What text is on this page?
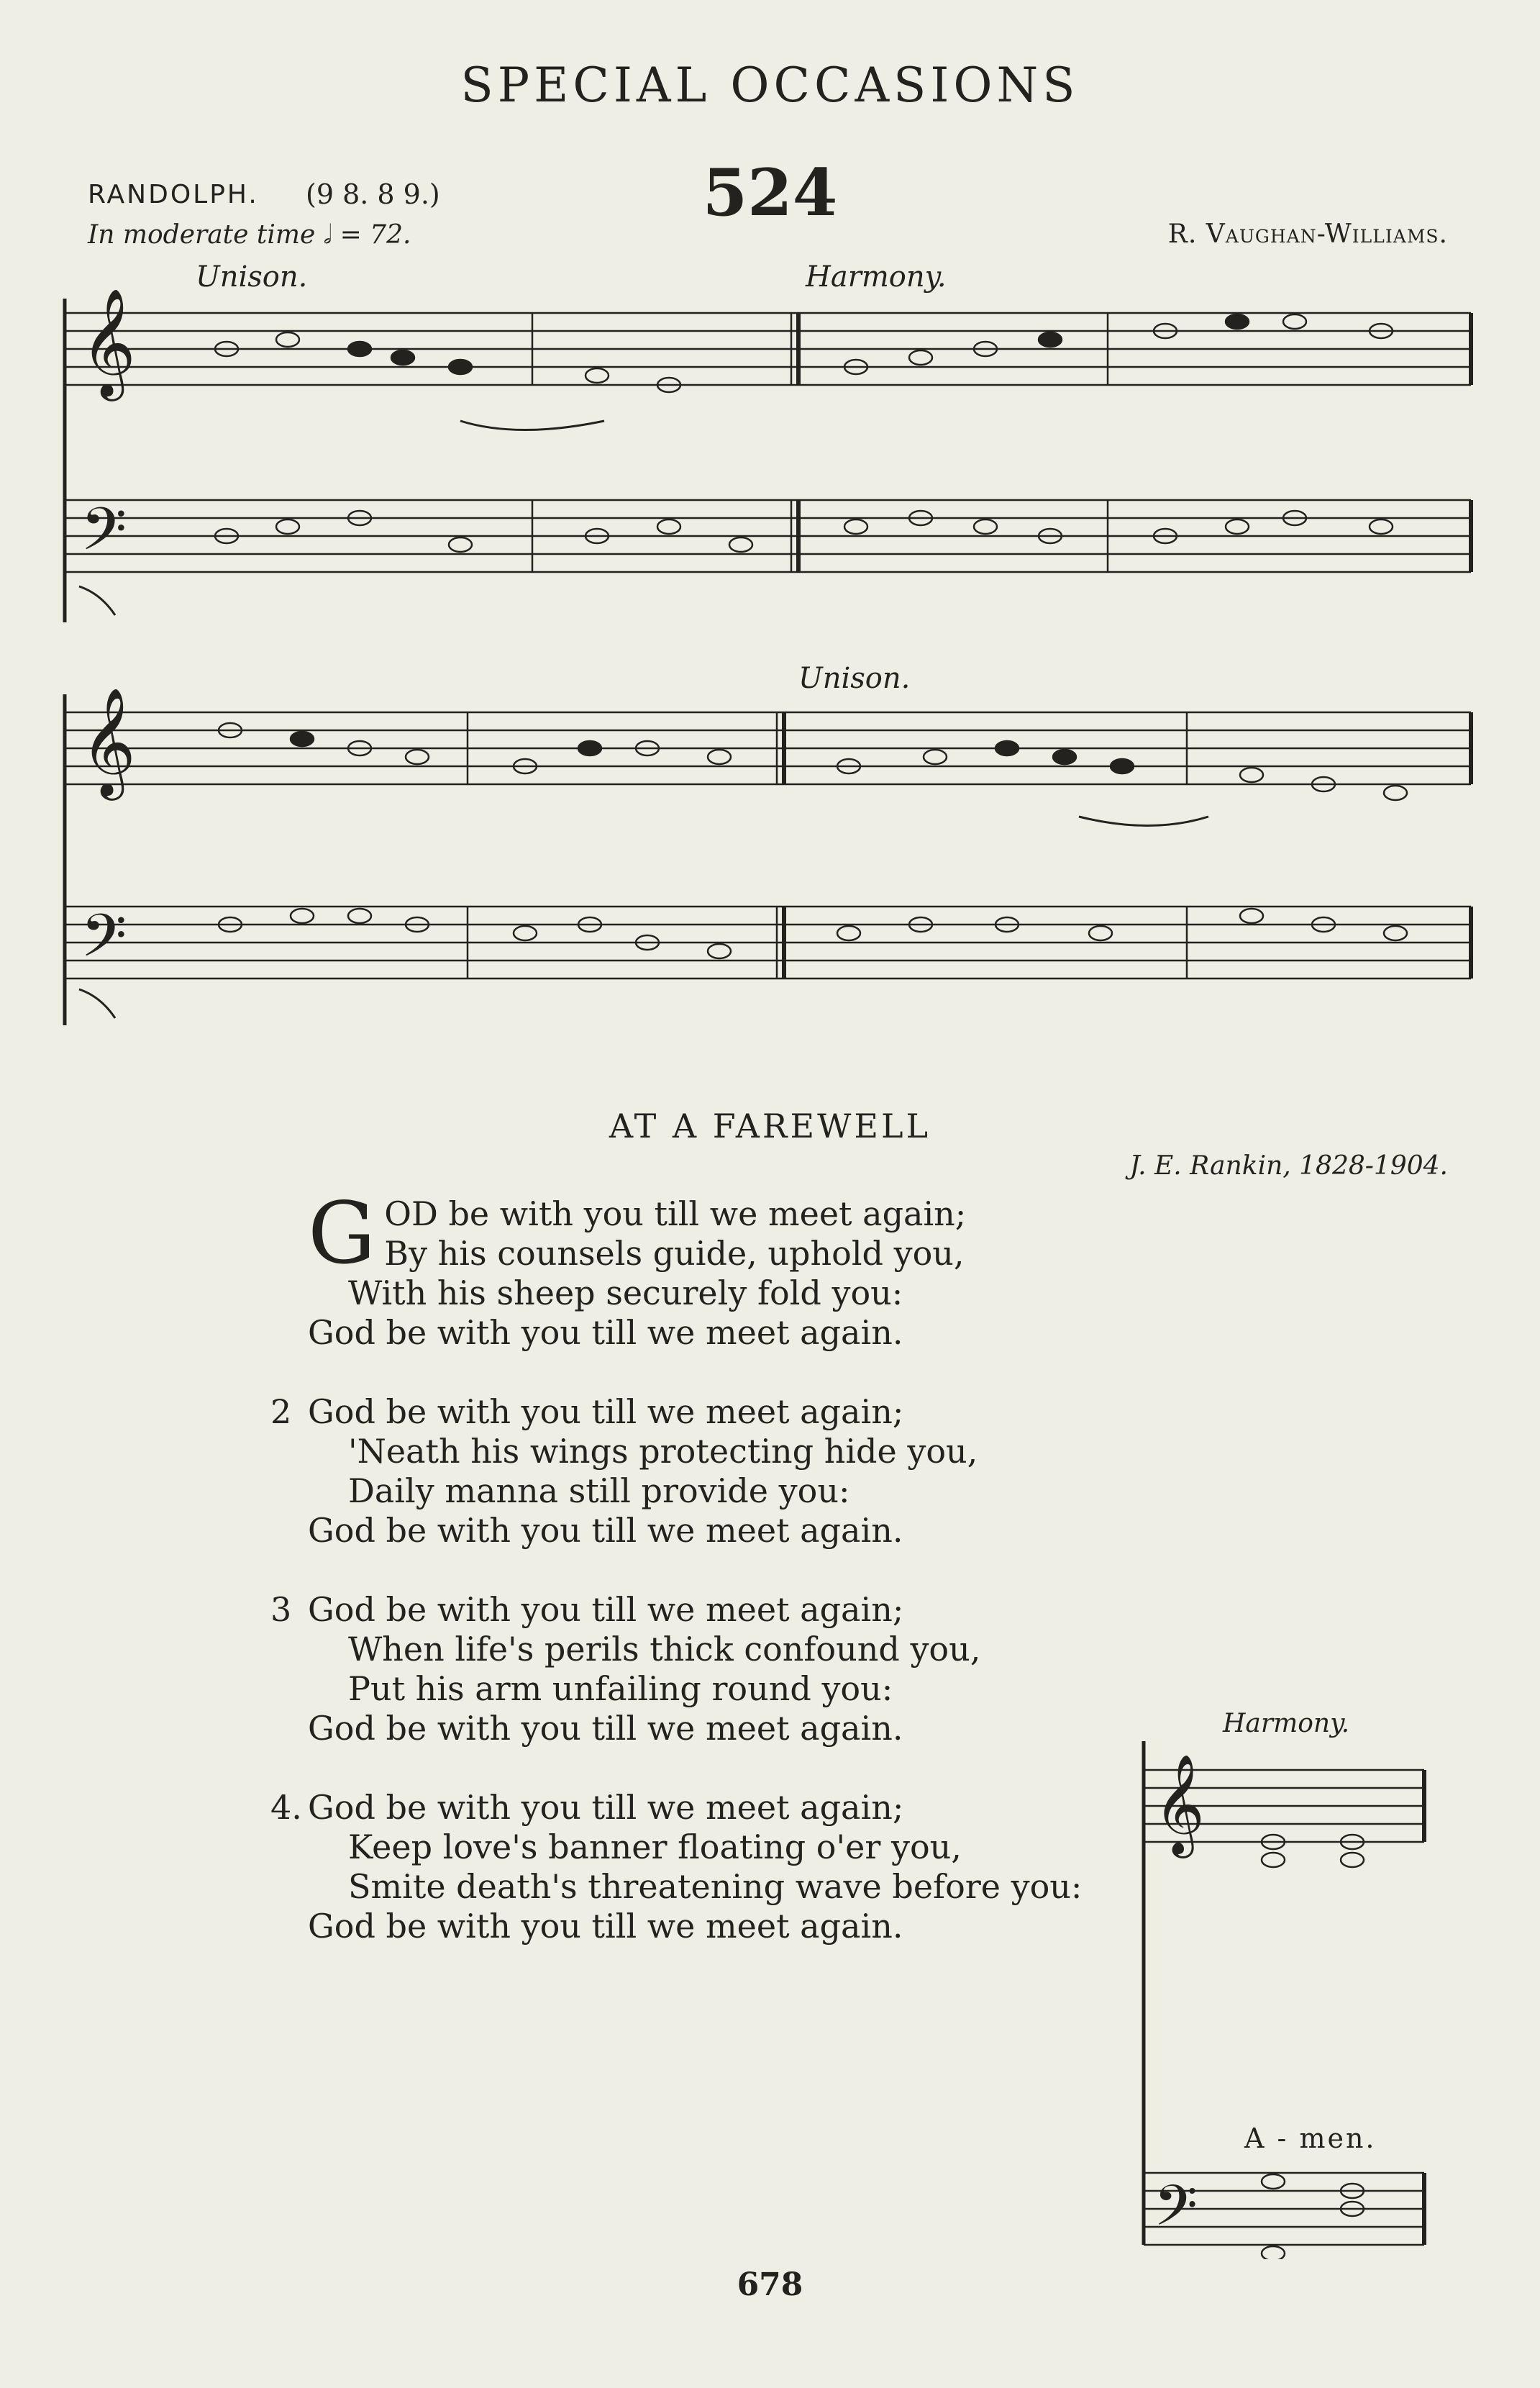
SPECIAL OCCASIONS
524
RANDOLPH. (9 8. 8 9.)
In moderate time 𝅗𝅥 = 72.	R. Vaughan-Williams.
Unison.	Harmony.
𝄞
𝄢
Unison.
𝄞
𝄢
AT A FAREWELL
J. E. Rankin, 1828-1904.
G OD be with you till we meet again;
By his counsels guide, uphold you,
With his sheep securely fold you:
God be with you till we meet again.
2 God be with you till we meet again;
'Neath his wings protecting hide you,
Daily manna still provide you:
God be with you till we meet again.
3 God be with you till we meet again;
When life's perils thick confound you,
Put his arm unfailing round you:
God be with you till we meet again.
4. God be with you till we meet again;
Keep love's banner floating o'er you,
Smite death's threatening wave before you:
God be with you till we meet again.
Harmony.
𝄞
𝄢
A - men.
678
